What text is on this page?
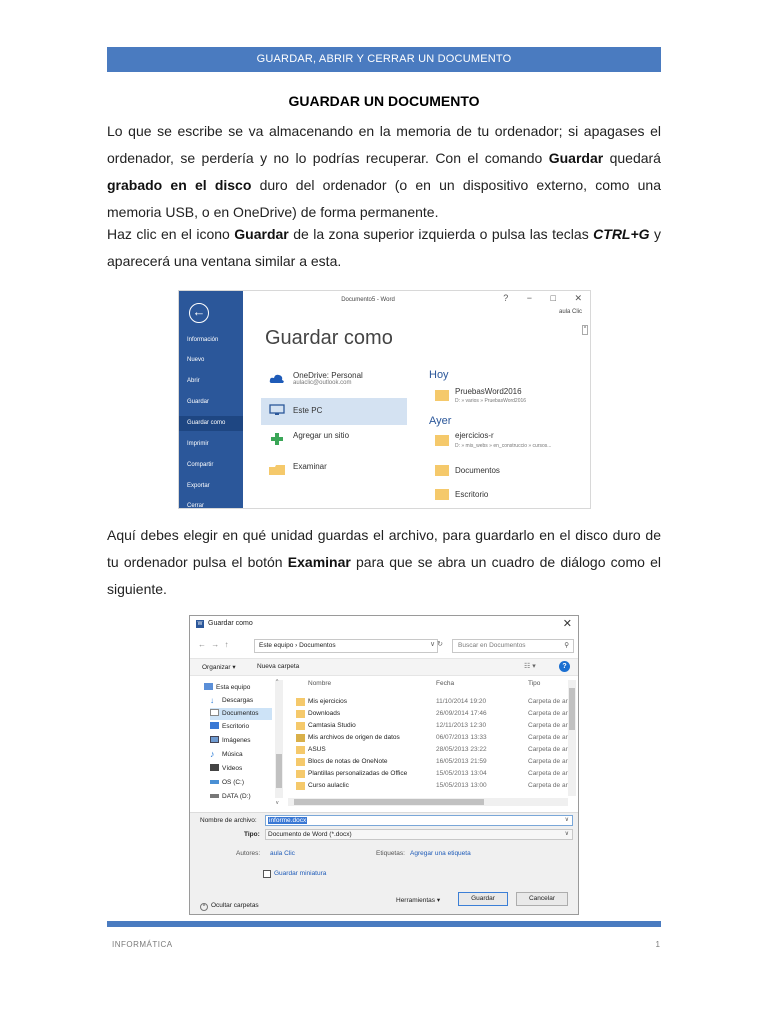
GUARDAR, ABRIR Y CERRAR UN DOCUMENTO
GUARDAR UN DOCUMENTO
Lo que se escribe se va almacenando en la memoria de tu ordenador; si apagases el ordenador, se perdería y no lo podrías recuperar. Con el comando Guardar quedará grabado en el disco duro del ordenador (o en un dispositivo externo, como una memoria USB, o en OneDrive) de forma permanente.
Haz clic en el icono Guardar de la zona superior izquierda o pulsa las teclas CTRL+G y aparecerá una ventana similar a esta.
←
Información
Nuevo
Abrir
Guardar
Guardar como
Imprimir
Compartir
Exportar
Cerrar
Documento5 - Word	? − □ ✕
aula Clic
^
Guardar como
OneDrive: Personal
aulaclic@outlook.com
Este PC
Agregar un sitio
Examinar
Hoy
PruebasWord2016
D: » varios » PruebasWord2016
Ayer
ejercicios-r
D: » mis_webs » en_construccio » cursos...
Documentos
Escritorio
Aquí debes elegir en qué unidad guardas el archivo, para guardarlo en el disco duro de tu ordenador pulsa el botón Examinar para que se abra un cuadro de diálogo como el siguiente.
W Guardar como	✕
← → ↑	Este equipo › Documentos	∨ ↻	Buscar en Documentos	⚲
Organizar ▾	Nueva carpeta	☷ ▾	?
Esta equipo
↓ Descargas
Documentos
Escritorio
Imágenes
♪ Música
Vídeos
OS (C:)
DATA (D:)
^
v
Nombre	Fecha	Tipo
Mis ejercicios	11/10/2014 19:20	Carpeta de ar
Downloads	26/09/2014 17:46	Carpeta de ar
Camtasia Studio	12/11/2013 12:30	Carpeta de ar
Mis archivos de origen de datos	06/07/2013 13:33	Carpeta de ar
ASUS	28/05/2013 23:22	Carpeta de ar
Blocs de notas de OneNote	16/05/2013 21:59	Carpeta de ar
Plantillas personalizadas de Office	15/05/2013 13:04	Carpeta de ar
Curso aulaclic	15/05/2013 13:00	Carpeta de ar
Nombre de archivo:	informe.docx	∨
Tipo:	Documento de Word (*.docx)	∨
Autores: aula Clic	Etiquetas: Agregar una etiqueta
Guardar miniatura
^ Ocultar carpetas
Herramientas ▾	Guardar	Cancelar
INFORMÁTICA	1
